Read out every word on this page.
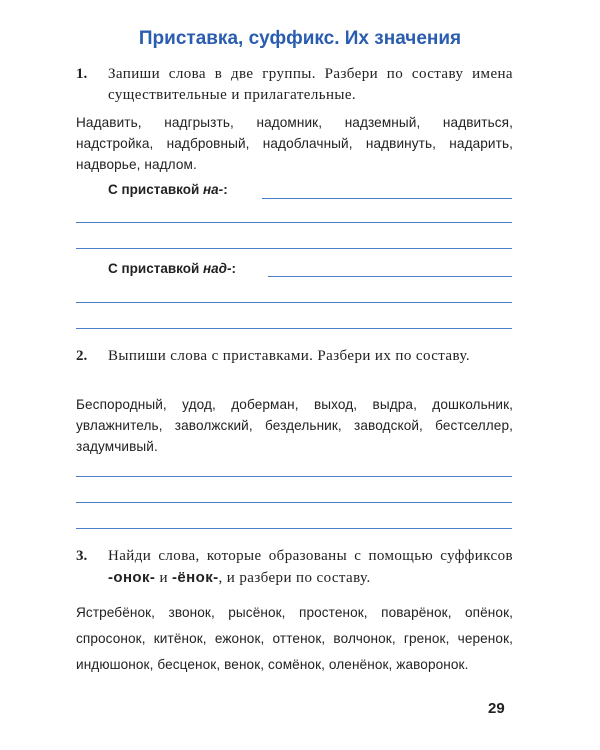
Приставка, суффикс. Их значения
1. Запиши слова в две группы. Разбери по составу имена существительные и прилагательные.
Надавить, надгрызть, надомник, надземный, надвиться, надстройка, надбровный, надоблачный, надвинуть, надарить, надворье, надлом.
С приставкой на-:
С приставкой над-:
2. Выпиши слова с приставками. Разбери их по составу.
Беспородный, удод, доберман, выход, выдра, дошкольник, увлажнитель, заволжский, бездельник, заводской, бестселлер, задумчивый.
3. Найди слова, которые образованы с помощью суффиксов -онок- и -ёнок-, и разбери по составу.
Ястребёнок, звонок, рысёнок, простенок, поварёнок, опёнок, спросонок, китёнок, ежонок, оттенок, волчонок, гренок, черенок, индюшонок, бесценок, венок, сомёнок, оленёнок, жаворонок.
29
